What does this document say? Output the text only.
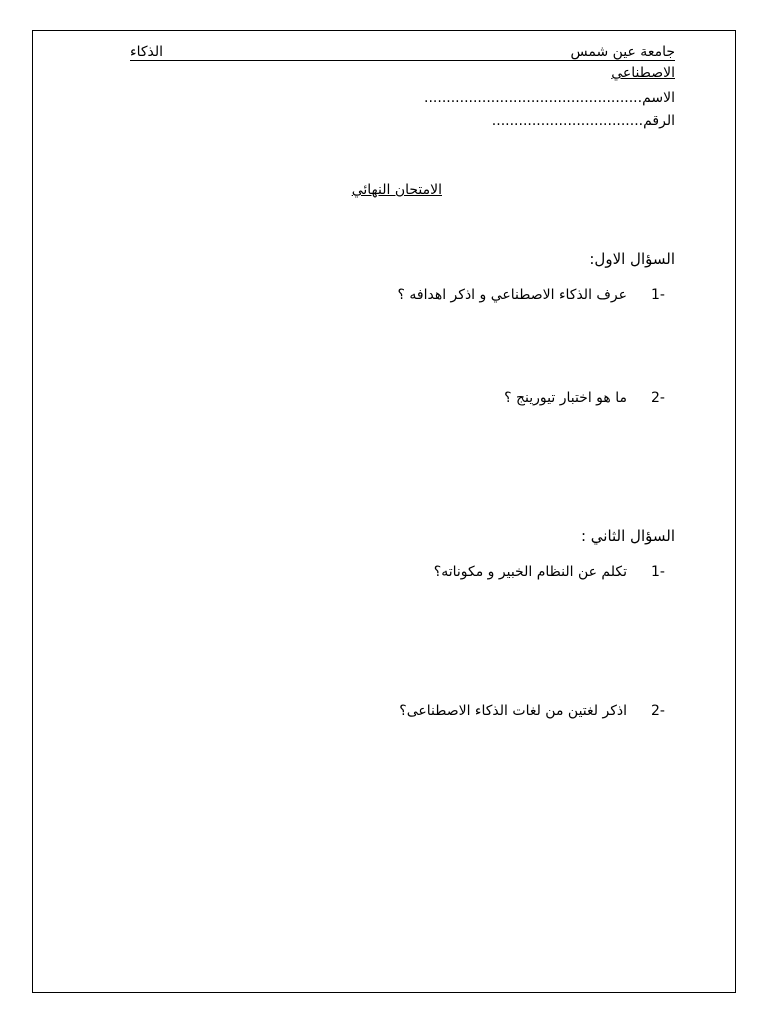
جامعة عين شمس
الذكاء
الاصطناعي
الاسم.................................................
الرقم..................................
الامتحان النهائي
السؤال الاول:
1-
عرف الذكاء الاصطناعي و اذكر اهدافه ؟
2-
ما هو اختبار تيورينج ؟
السؤال الثاني :
1-
تكلم عن النظام الخبير و مكوناته؟
2-
اذكر لغتين من لغات الذكاء الاصطناعى؟
